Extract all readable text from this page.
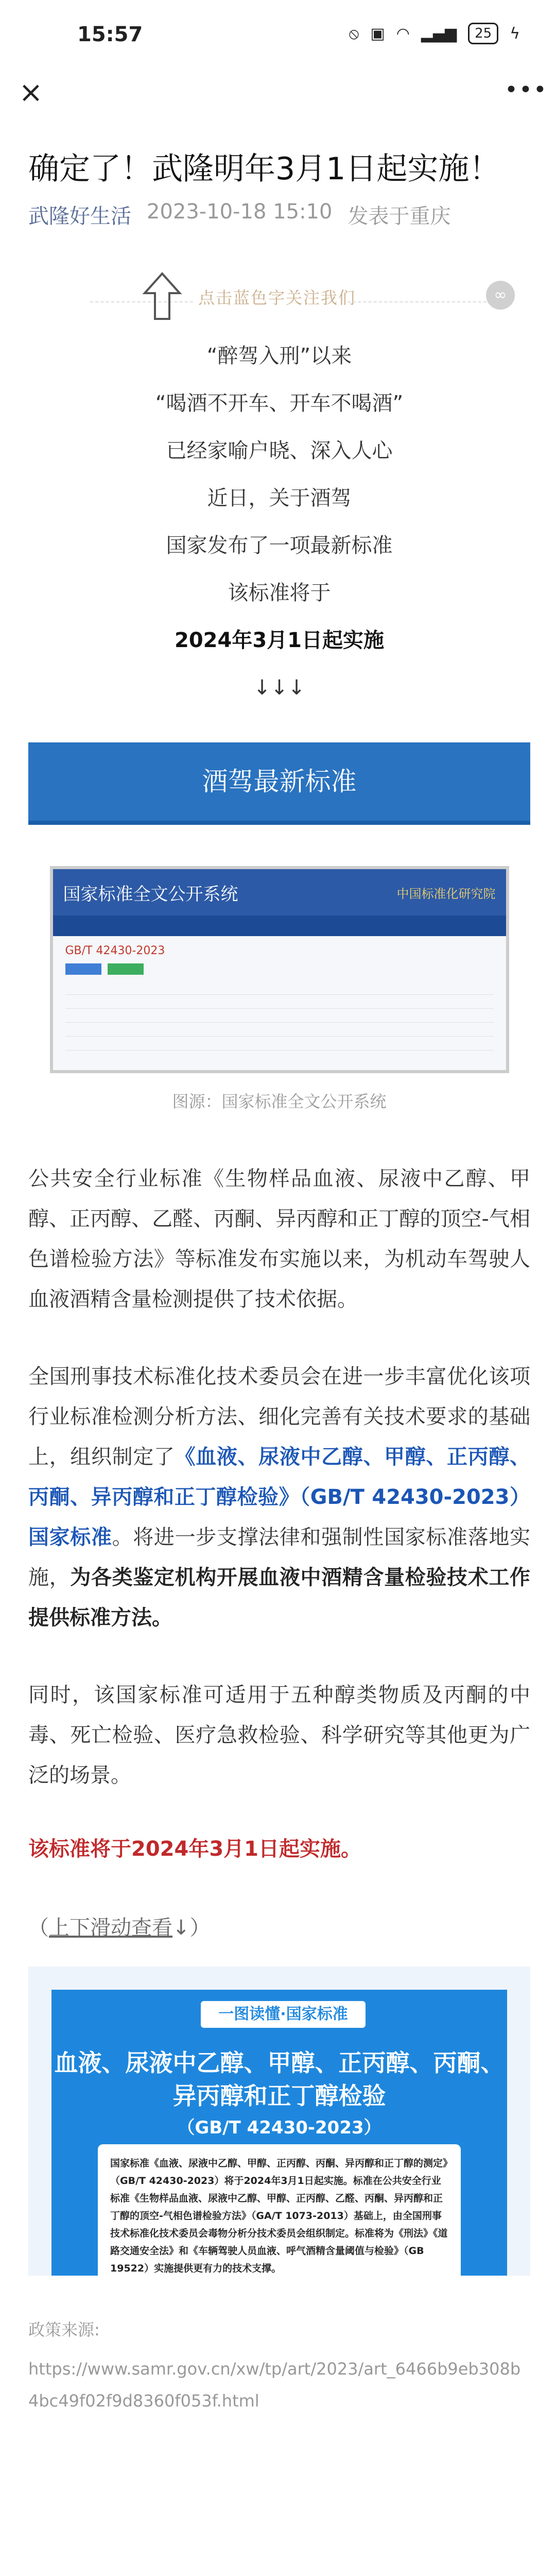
15:57	⦸ ▣ ◠ ▂▄▆	25	ϟ
×	•••
确定了！武隆明年3月1日起实施！
武隆好生活 2023-10-18 15:10 发表于重庆
点击蓝色字关注我们	∞
“醉驾入刑”以来
“喝酒不开车、开车不喝酒”
已经家喻户晓、深入人心
近日，关于酒驾
国家发布了一项最新标准
该标准将于
2024年3月1日起实施
↓↓↓
酒驾最新标准
国家标准全文公开系统	中国标准化研究院
GB/T 42430-2023
图源：国家标准全文公开系统

公共安全行业标准《生物样品血液、尿液中乙醇、甲醇、正丙醇、乙醛、丙酮、异丙醇和正丁醇的顶空-气相色谱检验方法》等标准发布实施以来，为机动车驾驶人血液酒精含量检测提供了技术依据。

全国刑事技术标准化技术委员会在进一步丰富优化该项行业标准检测分析方法、细化完善有关技术要求的基础上，组织制定了《血液、尿液中乙醇、甲醇、正丙醇、丙酮、异丙醇和正丁醇检验》（GB/T 42430-2023）国家标准。将进一步支撑法律和强制性国家标准落地实施，为各类鉴定机构开展血液中酒精含量检验技术工作提供标准方法。

同时，该国家标准可适用于五种醇类物质及丙酮的中毒、死亡检验、医疗急救检验、科学研究等其他更为广泛的场景。

该标准将于2024年3月1日起实施。
（上下滑动查看↓）
一图读懂·国家标准
血液、尿液中乙醇、甲醇、正丙醇、丙酮、异丙醇和正丁醇检验
（GB/T 42430-2023）
国家标准《血液、尿液中乙醇、甲醇、正丙醇、丙酮、异丙醇和正丁醇的测定》（GB/T 42430-2023）将于2024年3月1日起实施。标准在公共安全行业标准《生物样品血液、尿液中乙醇、甲醇、正丙醇、乙醛、丙酮、异丙醇和正丁醇的顶空-气相色谱检验方法》（GA/T 1073-2013）基础上，由全国刑事技术标准化技术委员会毒物分析分技术委员会组织制定。标准将为《刑法》《道路交通安全法》和《车辆驾驶人员血液、呼气酒精含量阈值与检验》（GB 19522）实施提供更有力的技术支撑。
政策来源:
https://www.samr.gov.cn/xw/tp/art/2023/art_6466b9eb308b4bc49f02f9d8360f053f.html
